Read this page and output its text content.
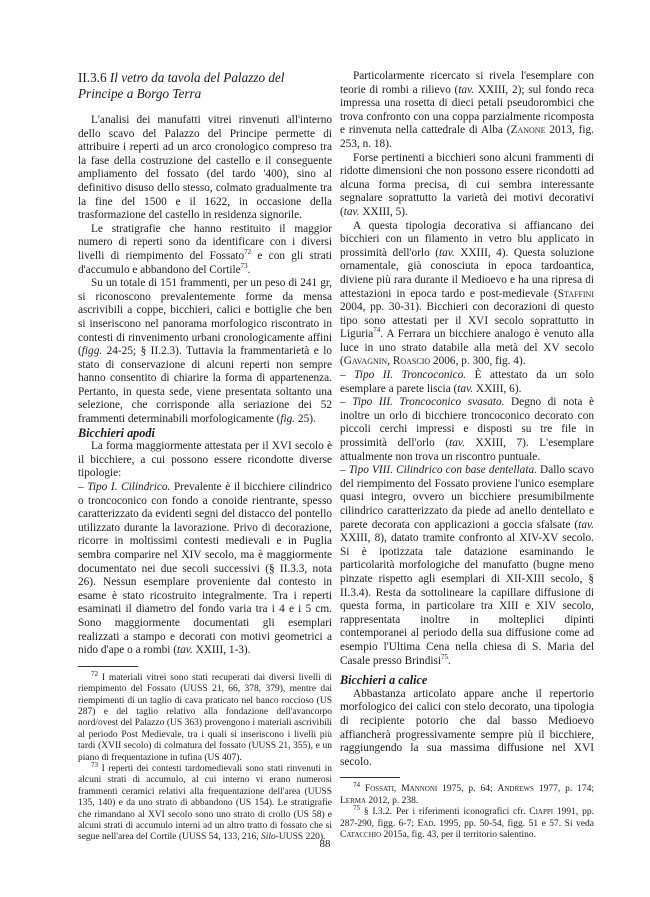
II.3.6 Il vetro da tavola del Palazzo del Principe a Borgo Terra

L'analisi dei manufatti vitrei rinvenuti all'interno dello scavo del Palazzo del Principe permette di attribuire i reperti ad un arco cronologico compreso tra la fase della costruzione del castello e il conseguente ampliamento del fossato (del tardo '400), sino al definitivo disuso dello stesso, colmato gradualmente tra la fine del 1500 e il 1622, in occasione della trasformazione del castello in residenza signorile.

Le stratigrafie che hanno restituito il maggior numero di reperti sono da identificare con i diversi livelli di riempimento del Fossato$^{72}$ e con gli strati d'accumulo e abbandono del Cortile$^{73}$.

Su un totale di 151 frammenti, per un peso di 241 gr, si riconoscono prevalentemente forme da mensa ascrivibili a coppe, bicchieri, calici e bottiglie che ben si inseriscono nel panorama morfologico riscontrato in contesti di rinvenimento urbani cronologicamente affini (figg. 24-25; § II.2.3). Tuttavia la frammentarietà e lo stato di conservazione di alcuni reperti non sempre hanno consentito di chiarire la forma di appartenenza. Pertanto, in questa sede, viene presentata soltanto una selezione, che corrisponde alla seriazione dei 52 frammenti determinabili morfologicamente (fig. 25).

Bicchieri apodi

La forma maggiormente attestata per il XVI secolo è il bicchiere, a cui possono essere ricondotte diverse tipologie:

– Tipo I. Cilindrico. Prevalente è il bicchiere cilindrico o troncoconico con fondo a conoide rientrante, spesso caratterizzato da evidenti segni del distacco del pontello utilizzato durante la lavorazione. Privo di decorazione, ricorre in moltissimi contesti medievali e in Puglia sembra comparire nel XIV secolo, ma è maggiormente documentato nei due secoli successivi (§ II.3.3, nota 26). Nessun esemplare proveniente dal contesto in esame è stato ricostruito integralmente. Tra i reperti esaminati il diametro del fondo varia tra i 4 e i 5 cm. Sono maggiormente documentati gli esemplari realizzati a stampo e decorati con motivi geometrici a nido d'ape o a rombi (tav. XXIII, 1-3).

$^{72}$ I materiali vitrei sono stati recuperati dai diversi livelli di riempimento del Fossato (UUSS 21, 66, 378, 379), mentre dai riempimenti di un taglio di cava praticato nel banco roccioso (US 287) e del taglio relativo alla fondazione dell'avancorpo nord/ovest del Palazzo (US 363) provengono i materiali ascrivibili al periodo Post Medievale, tra i quali si inseriscono i livelli più tardi (XVII secolo) di colmatura del fossato (UUSS 21, 355), e un piano di frequentazione in tufina (US 407).

$^{73}$ I reperti dei contesti tardomedievali sono stati rinvenuti in alcuni strati di accumulo, al cui interno vi erano numerosi frammenti ceramici relativi alla frequentazione dell'area (UUSS 135, 140) e da uno strato di abbandono (US 154). Le stratigrafie che rimandano al XVI secolo sono uno strato di crollo (US 58) e alcuni strati di accumulo interni ad un altro tratto di fossato che si segue nell'area del Cortile (UUSS 54, 133, 216, Silo-UUSS 220).

Particolarmente ricercato si rivela l'esemplare con teorie di rombi a rilievo (tav. XXIII, 2); sul fondo reca impressa una rosetta di dieci petali pseudorombici che trova confronto con una coppa parzialmente ricomposta e rinvenuta nella cattedrale di Alba (Zanone 2013, fig. 253, n. 18).

Forse pertinenti a bicchieri sono alcuni frammenti di ridotte dimensioni che non possono essere ricondotti ad alcuna forma precisa, di cui sembra interessante segnalare soprattutto la varietà dei motivi decorativi (tav. XXIII, 5).

A questa tipologia decorativa si affiancano dei bicchieri con un filamento in vetro blu applicato in prossimità dell'orlo (tav. XXIII, 4). Questa soluzione ornamentale, già conosciuta in epoca tardoantica, diviene più rara durante il Medioevo e ha una ripresa di attestazioni in epoca tardo e post-medievale (Staffini 2004, pp. 30-31). Bicchieri con decorazioni di questo tipo sono attestati per il XVI secolo soprattutto in Liguria$^{74}$. A Ferrara un bicchiere analogo è venuto alla luce in uno strato databile alla metà del XV secolo (Gavagnin, Roascio 2006, p. 300, fig. 4).

– Tipo II. Troncoconico. È attestato da un solo esemplare a parete liscia (tav. XXIII, 6).

– Tipo III. Troncoconico svasato. Degno di nota è inoltre un orlo di bicchiere troncoconico decorato con piccoli cerchi impressi e disposti su tre file in prossimità dell'orlo (tav. XXIII, 7). L'esemplare attualmente non trova un riscontro puntuale.

– Tipo VIII. Cilindrico con base dentellata. Dallo scavo del riempimento del Fossato proviene l'unico esemplare quasi integro, ovvero un bicchiere presumibilmente cilindrico caratterizzato da piede ad anello dentellato e parete decorata con applicazioni a goccia sfalsate (tav. XXIII, 8), datato tramite confronto al XIV-XV secolo. Si è ipotizzata tale datazione esaminando le particolarità morfologiche del manufatto (bugne meno pinzate rispetto agli esemplari di XII-XIII secolo, § II.3.4). Resta da sottolineare la capillare diffusione di questa forma, in particolare tra XIII e XIV secolo, rappresentata inoltre in molteplici dipinti contemporanei al periodo della sua diffusione come ad esempio l'Ultima Cena nella chiesa di S. Maria del Casale presso Brindisi$^{75}$.

Bicchieri a calice

Abbastanza articolato appare anche il repertorio morfologico dei calici con stelo decorato, una tipologia di recipiente potorio che dal basso Medioevo affiancherà progressivamente sempre più il bicchiere, raggiungendo la sua massima diffusione nel XVI secolo.

$^{74}$ Fossati, Mannoni 1975, p. 64; Andrews 1977, p. 174; Lerma 2012, p. 238.

$^{75}$ § I.3.2. Per i riferimenti iconografici cfr. Ciappi 1991, pp. 287-290, figg. 6-7; Ead. 1995, pp. 50-54, figg. 51 e 57. Si veda Catacchio 2015a, fig. 43, per il territorio salentino.

88
